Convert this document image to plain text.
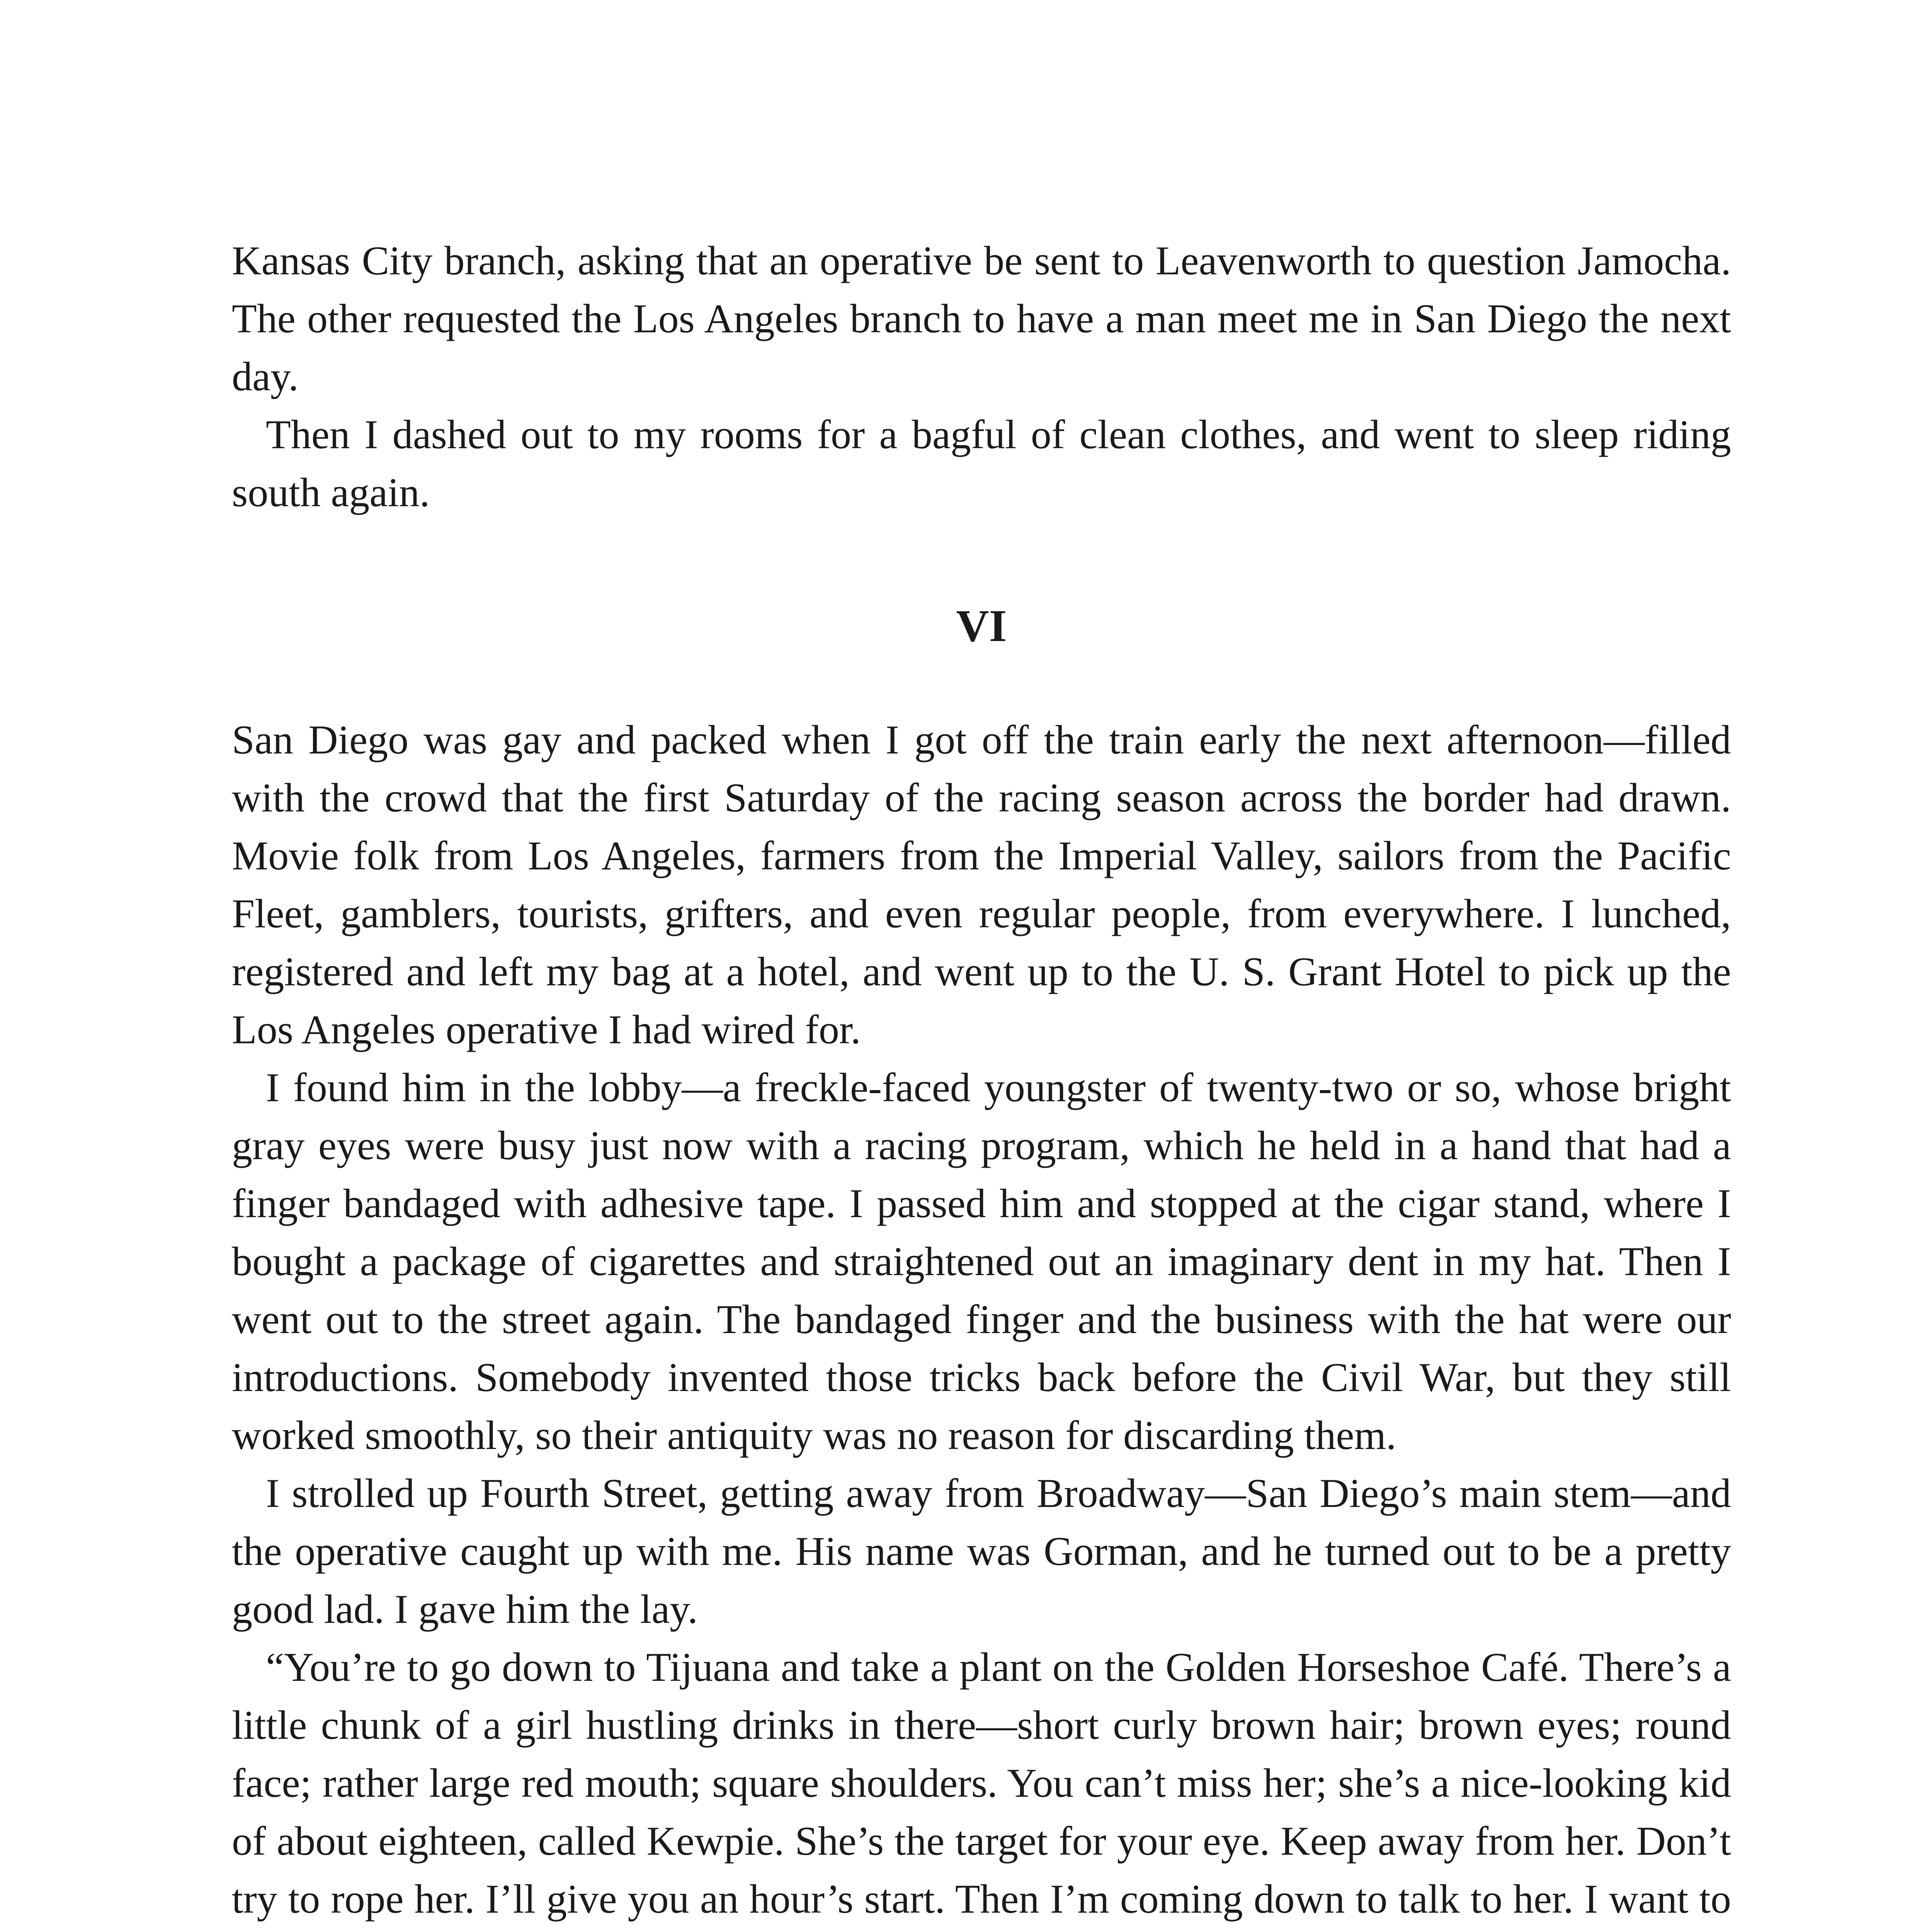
Kansas City branch, asking that an operative be sent to Leavenworth to question Jamocha. The other requested the Los Angeles branch to have a man meet me in San Diego the next day.

Then I dashed out to my rooms for a bagful of clean clothes, and went to sleep riding south again.

VI

San Diego was gay and packed when I got off the train early the next afternoon—filled with the crowd that the first Saturday of the racing season across the border had drawn. Movie folk from Los Angeles, farmers from the Imperial Valley, sailors from the Pacific Fleet, gamblers, tourists, grifters, and even regular people, from everywhere. I lunched, registered and left my bag at a hotel, and went up to the U. S. Grant Hotel to pick up the Los Angeles operative I had wired for.

I found him in the lobby—a freckle-faced youngster of twenty-two or so, whose bright gray eyes were busy just now with a racing program, which he held in a hand that had a finger bandaged with adhesive tape. I passed him and stopped at the cigar stand, where I bought a package of cigarettes and straightened out an imaginary dent in my hat. Then I went out to the street again. The bandaged finger and the business with the hat were our introductions. Somebody invented those tricks back before the Civil War, but they still worked smoothly, so their antiquity was no reason for discarding them.

I strolled up Fourth Street, getting away from Broadway—San Diego’s main stem—and the operative caught up with me. His name was Gorman, and he turned out to be a pretty good lad. I gave him the lay.

“You’re to go down to Tijuana and take a plant on the Golden Horseshoe Café. There’s a little chunk of a girl hustling drinks in there—short curly brown hair; brown eyes; round face; rather large red mouth; square shoulders. You can’t miss her; she’s a nice-looking kid of about eighteen, called Kewpie. She’s the target for your eye. Keep away from her. Don’t try to rope her. I’ll give you an hour’s start. Then I’m coming down to talk to her. I want to
